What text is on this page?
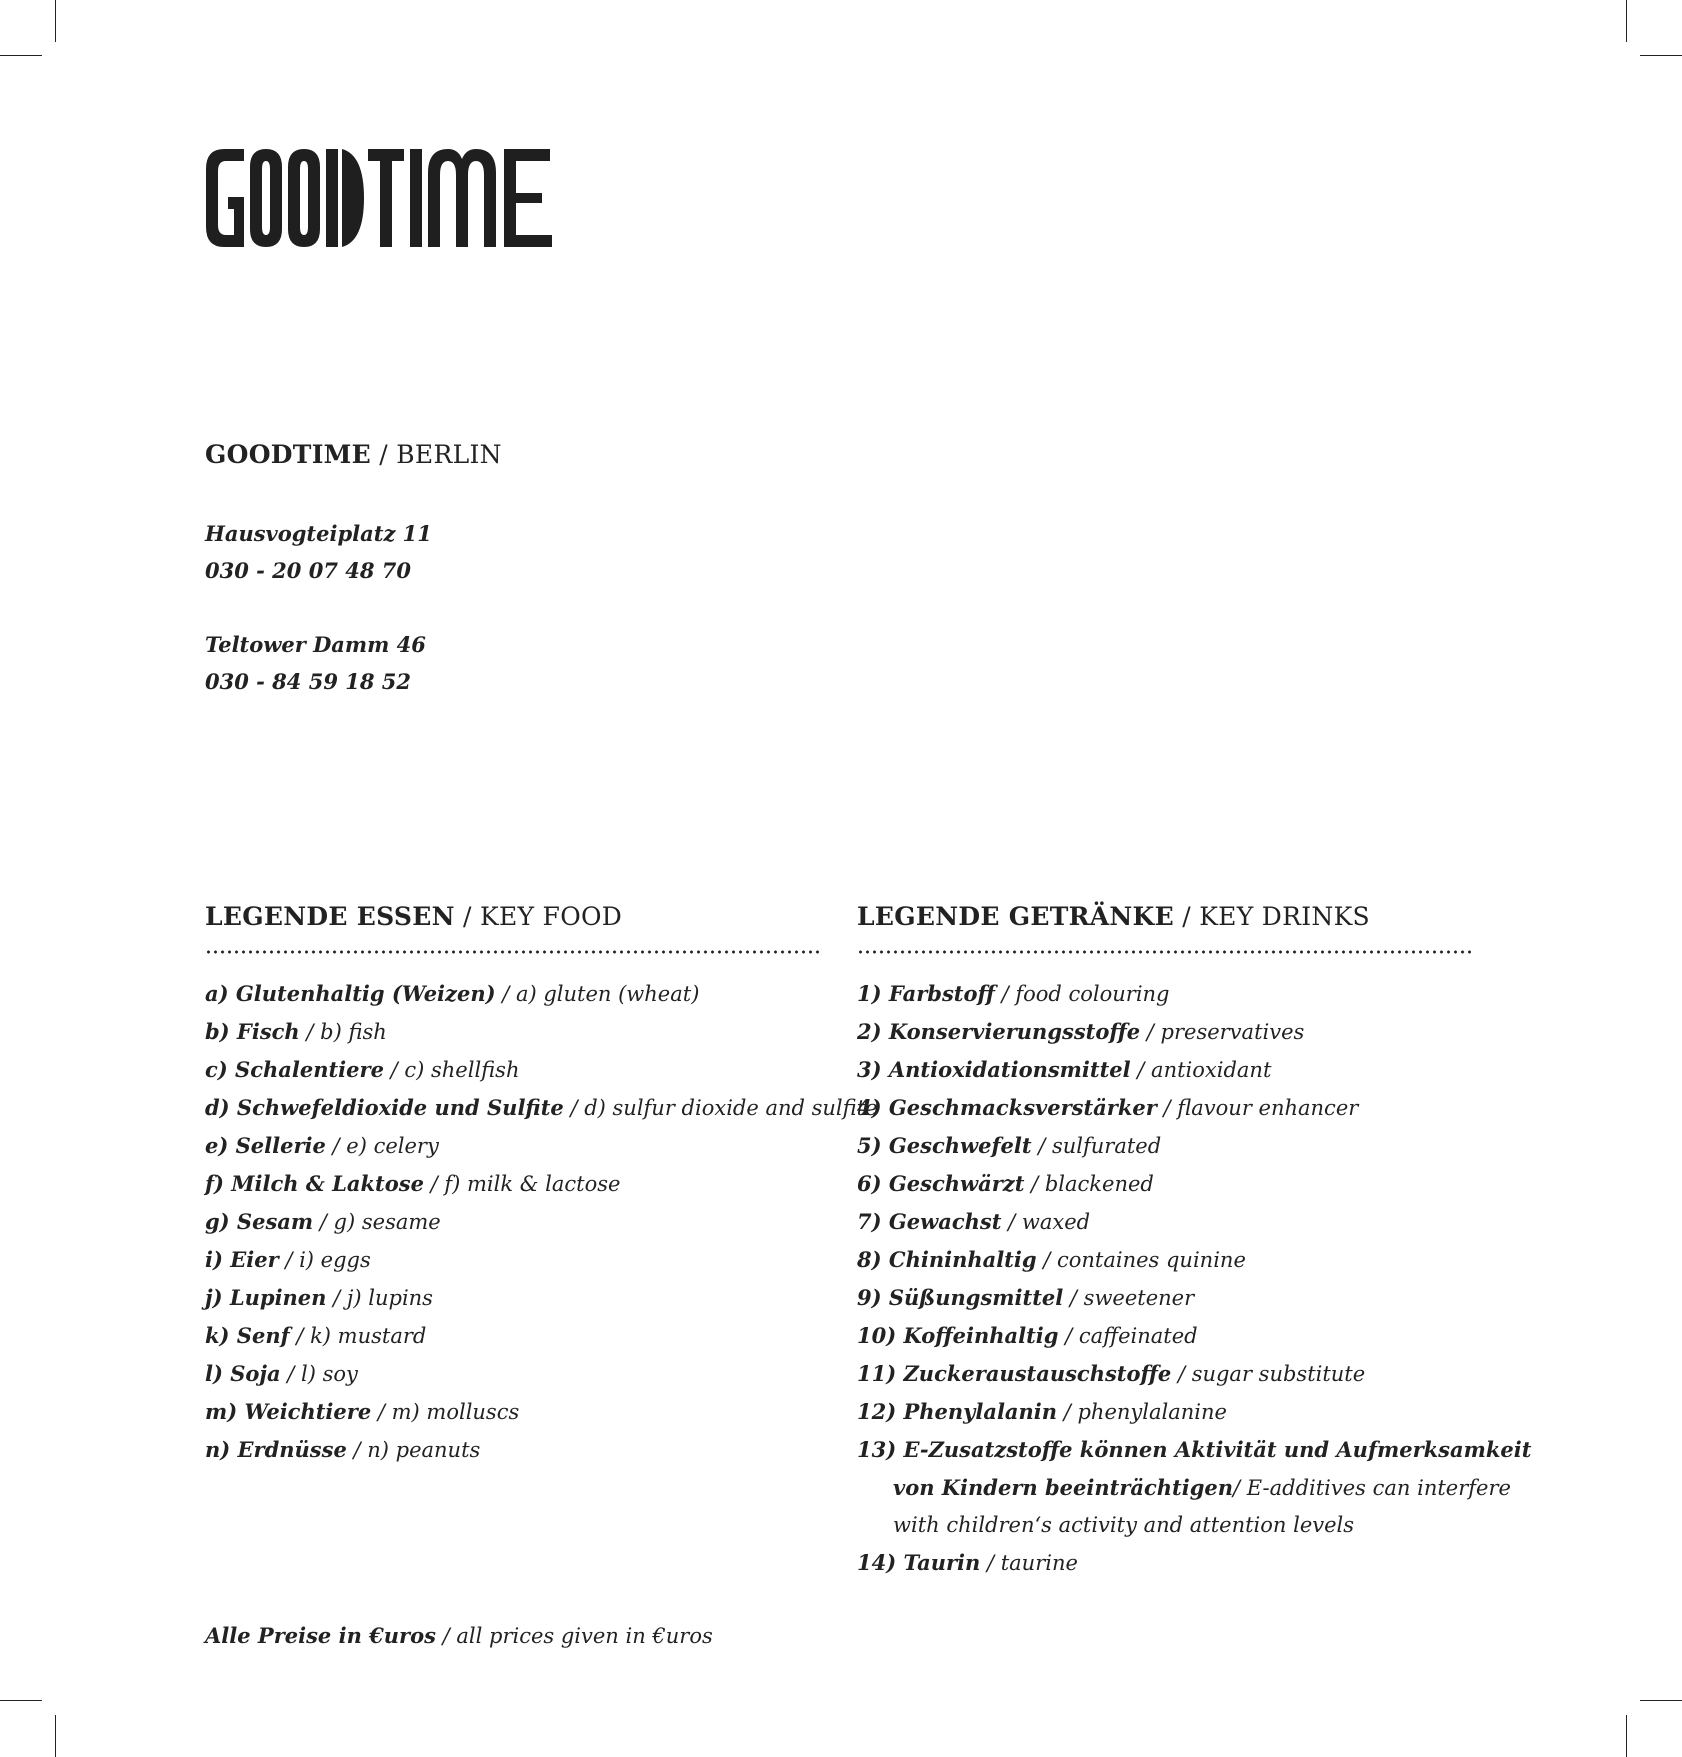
GOODTIME / BERLIN
Hausvogteiplatz 11
030 - 20 07 48 70
Teltower Damm 46
030 - 84 59 18 52
LEGENDE ESSEN / KEY FOOD
a) Glutenhaltig (Weizen) / a) gluten (wheat)
b) Fisch / b) fish
c) Schalentiere / c) shellfish
d) Schwefeldioxide und Sulfite / d) sulfur dioxide and sulfite
e) Sellerie / e) celery
f) Milch & Laktose / f) milk & lactose
g) Sesam / g) sesame
i) Eier / i) eggs
j) Lupinen / j) lupins
k) Senf / k) mustard
l) Soja / l) soy
m) Weichtiere / m) molluscs
n) Erdnüsse / n) peanuts
LEGENDE GETRÄNKE / KEY DRINKS
1) Farbstoff / food colouring
2) Konservierungsstoffe / preservatives
3) Antioxidationsmittel / antioxidant
4) Geschmacksverstärker / flavour enhancer
5) Geschwefelt / sulfurated
6) Geschwärzt / blackened
7) Gewachst / waxed
8) Chininhaltig / containes quinine
9) Süßungsmittel / sweetener
10) Koffeinhaltig / caffeinated
11) Zuckeraustauschstoffe / sugar substitute
12) Phenylalanin / phenylalanine
13) E-Zusatzstoffe können Aktivität und Aufmerksamkeit
von Kindern beeinträchtigen/ E-additives can interfere
with children‘s activity and attention levels
14) Taurin / taurine
Alle Preise in €uros / all prices given in €uros
